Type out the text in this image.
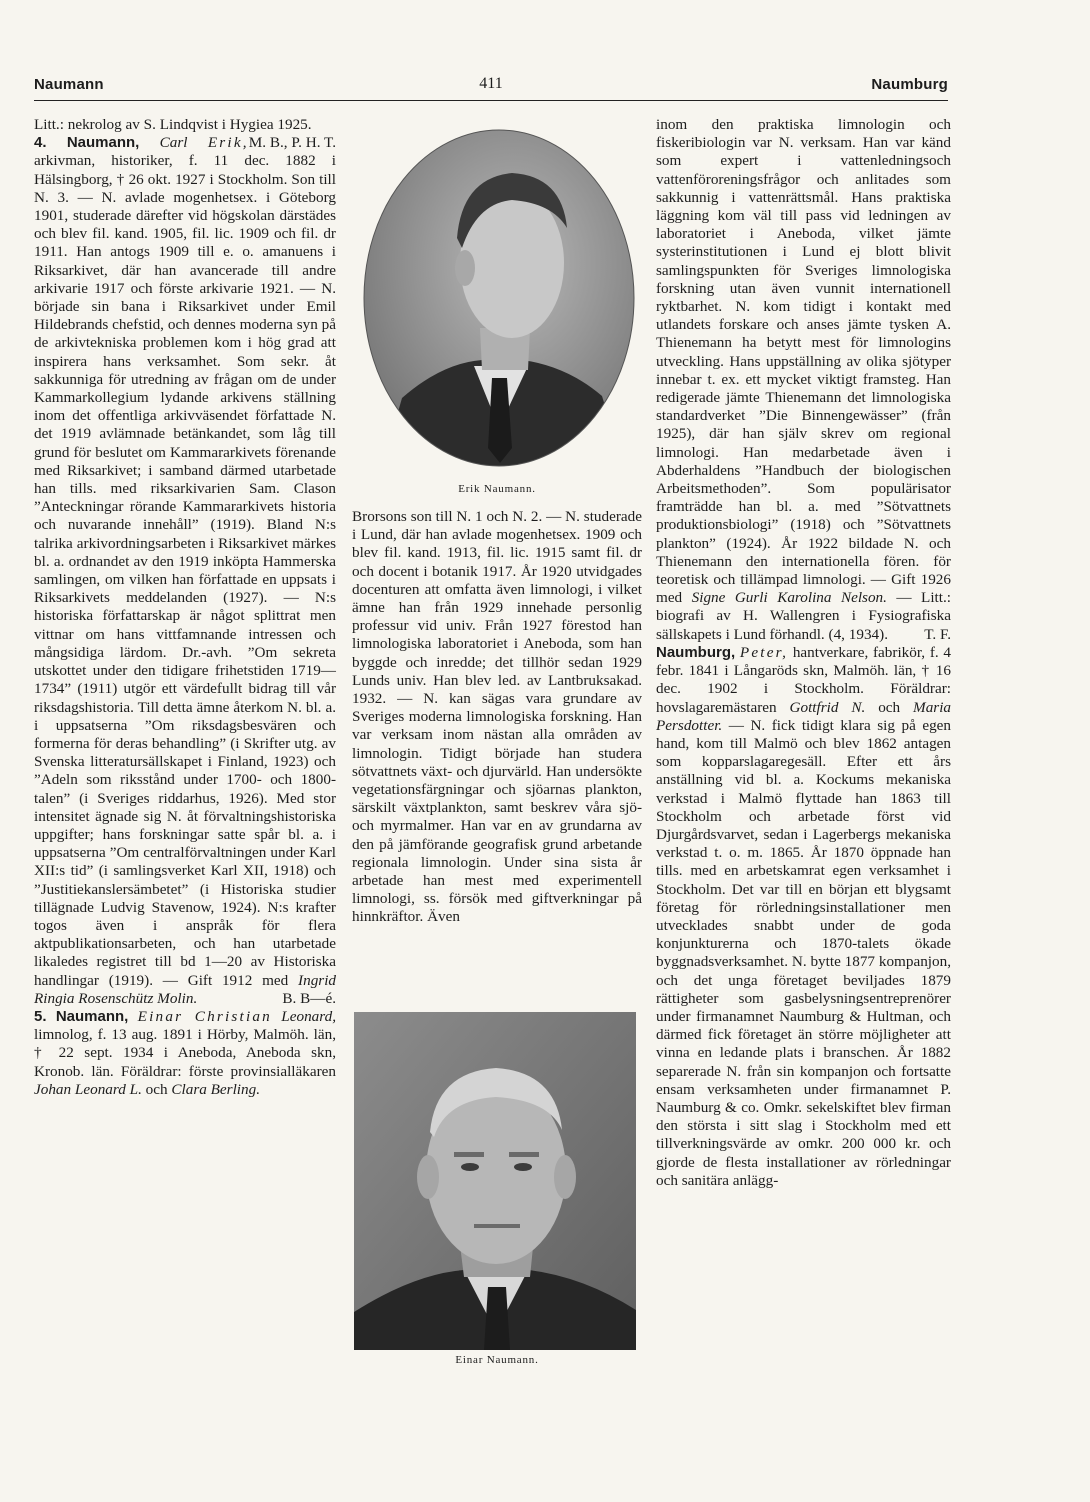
Naumann	411	Naumburg

Litt.: nekrolog av S. Lindqvist i Hygiea 1925.
M. B., P. H. T.

4. Naumann, Carl Erik, arkivman, historiker, f. 11 dec. 1882 i Hälsingborg, † 26 okt. 1927 i Stockholm. Son till N. 3. — N. avlade mogenhetsex. i Göteborg 1901, studerade därefter vid högskolan därstädes och blev fil. kand. 1905, fil. lic. 1909 och fil. dr 1911. Han antogs 1909 till e. o. amanuens i Riksarkivet, där han avancerade till andre arkivarie 1917 och förste arkivarie 1921. — N. började sin bana i Riksarkivet under Emil Hildebrands chefstid, och dennes moderna syn på de arkivtekniska problemen kom i hög grad att inspirera hans verksamhet. Som sekr. åt sakkunniga för utredning av frågan om de under Kammarkollegium lydande arkivens ställning inom det offentliga arkivväsendet författade N. det 1919 avlämnade betänkandet, som låg till grund för beslutet om Kammararkivets förenande med Riksarkivet; i samband därmed utarbetade han tills. med riksarkivarien Sam. Clason ”Anteckningar rörande Kammararkivets historia och nuvarande innehåll” (1919). Bland N:s talrika arkivordningsarbeten i Riksarkivet märkes bl. a. ordnandet av den 1919 inköpta Hammerska samlingen, om vilken han författade en uppsats i Riksarkivets meddelanden (1927). — N:s historiska författarskap är något splittrat men vittnar om hans vittfamnande intressen och mångsidiga lärdom. Dr.-avh. ”Om sekreta utskottet under den tidigare frihetstiden 1719—1734” (1911) utgör ett värdefullt bidrag till vår riksdagshistoria. Till detta ämne återkom N. bl. a. i uppsatserna ”Om riksdagsbesvären och formerna för deras behandling” (i Skrifter utg. av Svenska litteratursällskapet i Finland, 1923) och ”Adeln som riksstånd under 1700- och 1800-talen” (i Sveriges riddarhus, 1926). Med stor intensitet ägnade sig N. åt förvaltningshistoriska uppgifter; hans forskningar satte spår bl. a. i uppsatserna ”Om centralförvaltningen under Karl XII:s tid” (i samlingsverket Karl XII, 1918) och ”Justitiekanslersämbetet” (i Historiska studier tillägnade Ludvig Stavenow, 1924). N:s krafter togos även i anspråk för flera aktpublikationsarbeten, och han utarbetade likaledes registret till bd 1—20 av Historiska handlingar (1919). — Gift 1912 med Ingrid Ringia Rosenschütz Molin.	B. B—é.

5. Naumann, Einar Christian Leonard, limnolog, f. 13 aug. 1891 i Hörby, Malmöh. län, † 22 sept. 1934 i Aneboda, Aneboda skn, Kronob. län. Föräldrar: förste provinsialläkaren Johan Leonard L. och Clara Berling.

Erik Naumann.

Brorsons son till N. 1 och N. 2. — N. studerade i Lund, där han avlade mogenhetsex. 1909 och blev fil. kand. 1913, fil. lic. 1915 samt fil. dr och docent i botanik 1917. År 1920 utvidgades docenturen att omfatta även limnologi, i vilket ämne han från 1929 innehade personlig professur vid univ. Från 1927 förestod han limnologiska laboratoriet i Aneboda, som han byggde och inredde; det tillhör sedan 1929 Lunds univ. Han blev led. av Lantbruksakad. 1932. — N. kan sägas vara grundare av Sveriges moderna limnologiska forskning. Han var verksam inom nästan alla områden av limnologin. Tidigt började han studera sötvattnets växt- och djurvärld. Han undersökte vegetationsfärgningar och sjöarnas plankton, särskilt växtplankton, samt beskrev våra sjö- och myrmalmer. Han var en av grundarna av den på jämförande geografisk grund arbetande regionala limnologin. Under sina sista år arbetade han mest med experimentell limnologi, ss. försök med giftverkningar på hinnkräftor. Även

Einar Naumann.

inom den praktiska limnologin och fiskeribiologin var N. verksam. Han var känd som expert i vattenledningsoch vattenföroreningsfrågor och anlitades som sakkunnig i vattenrättsmål. Hans praktiska läggning kom väl till pass vid ledningen av laboratoriet i Aneboda, vilket jämte systerinstitutionen i Lund ej blott blivit samlingspunkten för Sveriges limnologiska forskning utan även vunnit internationell ryktbarhet. N. kom tidigt i kontakt med utlandets forskare och anses jämte tysken A. Thienemann ha betytt mest för limnologins utveckling. Hans uppställning av olika sjötyper innebar t. ex. ett mycket viktigt framsteg. Han redigerade jämte Thienemann det limnologiska standardverket ”Die Binnengewässer” (från 1925), där han själv skrev om regional limnologi. Han medarbetade även i Abderhaldens ”Handbuch der biologischen Arbeitsmethoden”. Som populärisator framträdde han bl. a. med ”Sötvattnets produktionsbiologi” (1918) och ”Sötvattnets plankton” (1924). År 1922 bildade N. och Thienemann den internationella fören. för teoretisk och tillämpad limnologi. — Gift 1926 med Signe Gurli Karolina Nelson. — Litt.: biografi av H. Wallengren i Fysiografiska sällskapets i Lund förhandl. (4, 1934). T. F.

Naumburg, Peter, hantverkare, fabrikör, f. 4 febr. 1841 i Långaröds skn, Malmöh. län, † 16 dec. 1902 i Stockholm. Föräldrar: hovslagaremästaren Gottfrid N. och Maria Persdotter. — N. fick tidigt klara sig på egen hand, kom till Malmö och blev 1862 antagen som kopparslagaregesäll. Efter ett års anställning vid bl. a. Kockums mekaniska verkstad i Malmö flyttade han 1863 till Stockholm och arbetade först vid Djurgårdsvarvet, sedan i Lagerbergs mekaniska verkstad t. o. m. 1865. År 1870 öppnade han tills. med en arbetskamrat egen verksamhet i Stockholm. Det var till en början ett blygsamt företag för rörledningsinstallationer men utvecklades snabbt under de goda konjunkturerna och 1870-talets ökade byggnadsverksamhet. N. bytte 1877 kompanjon, och det unga företaget beviljades 1879 rättigheter som gasbelysningsentreprenörer under firmanamnet Naumburg & Hultman, och därmed fick företaget än större möjligheter att vinna en ledande plats i branschen. År 1882 separerade N. från sin kompanjon och fortsatte ensam verksamheten under firmanamnet P. Naumburg & co. Omkr. sekelskiftet blev firman den största i sitt slag i Stockholm med ett tillverkningsvärde av omkr. 200 000 kr. och gjorde de flesta installationer av rörledningar och sanitära anlägg-
